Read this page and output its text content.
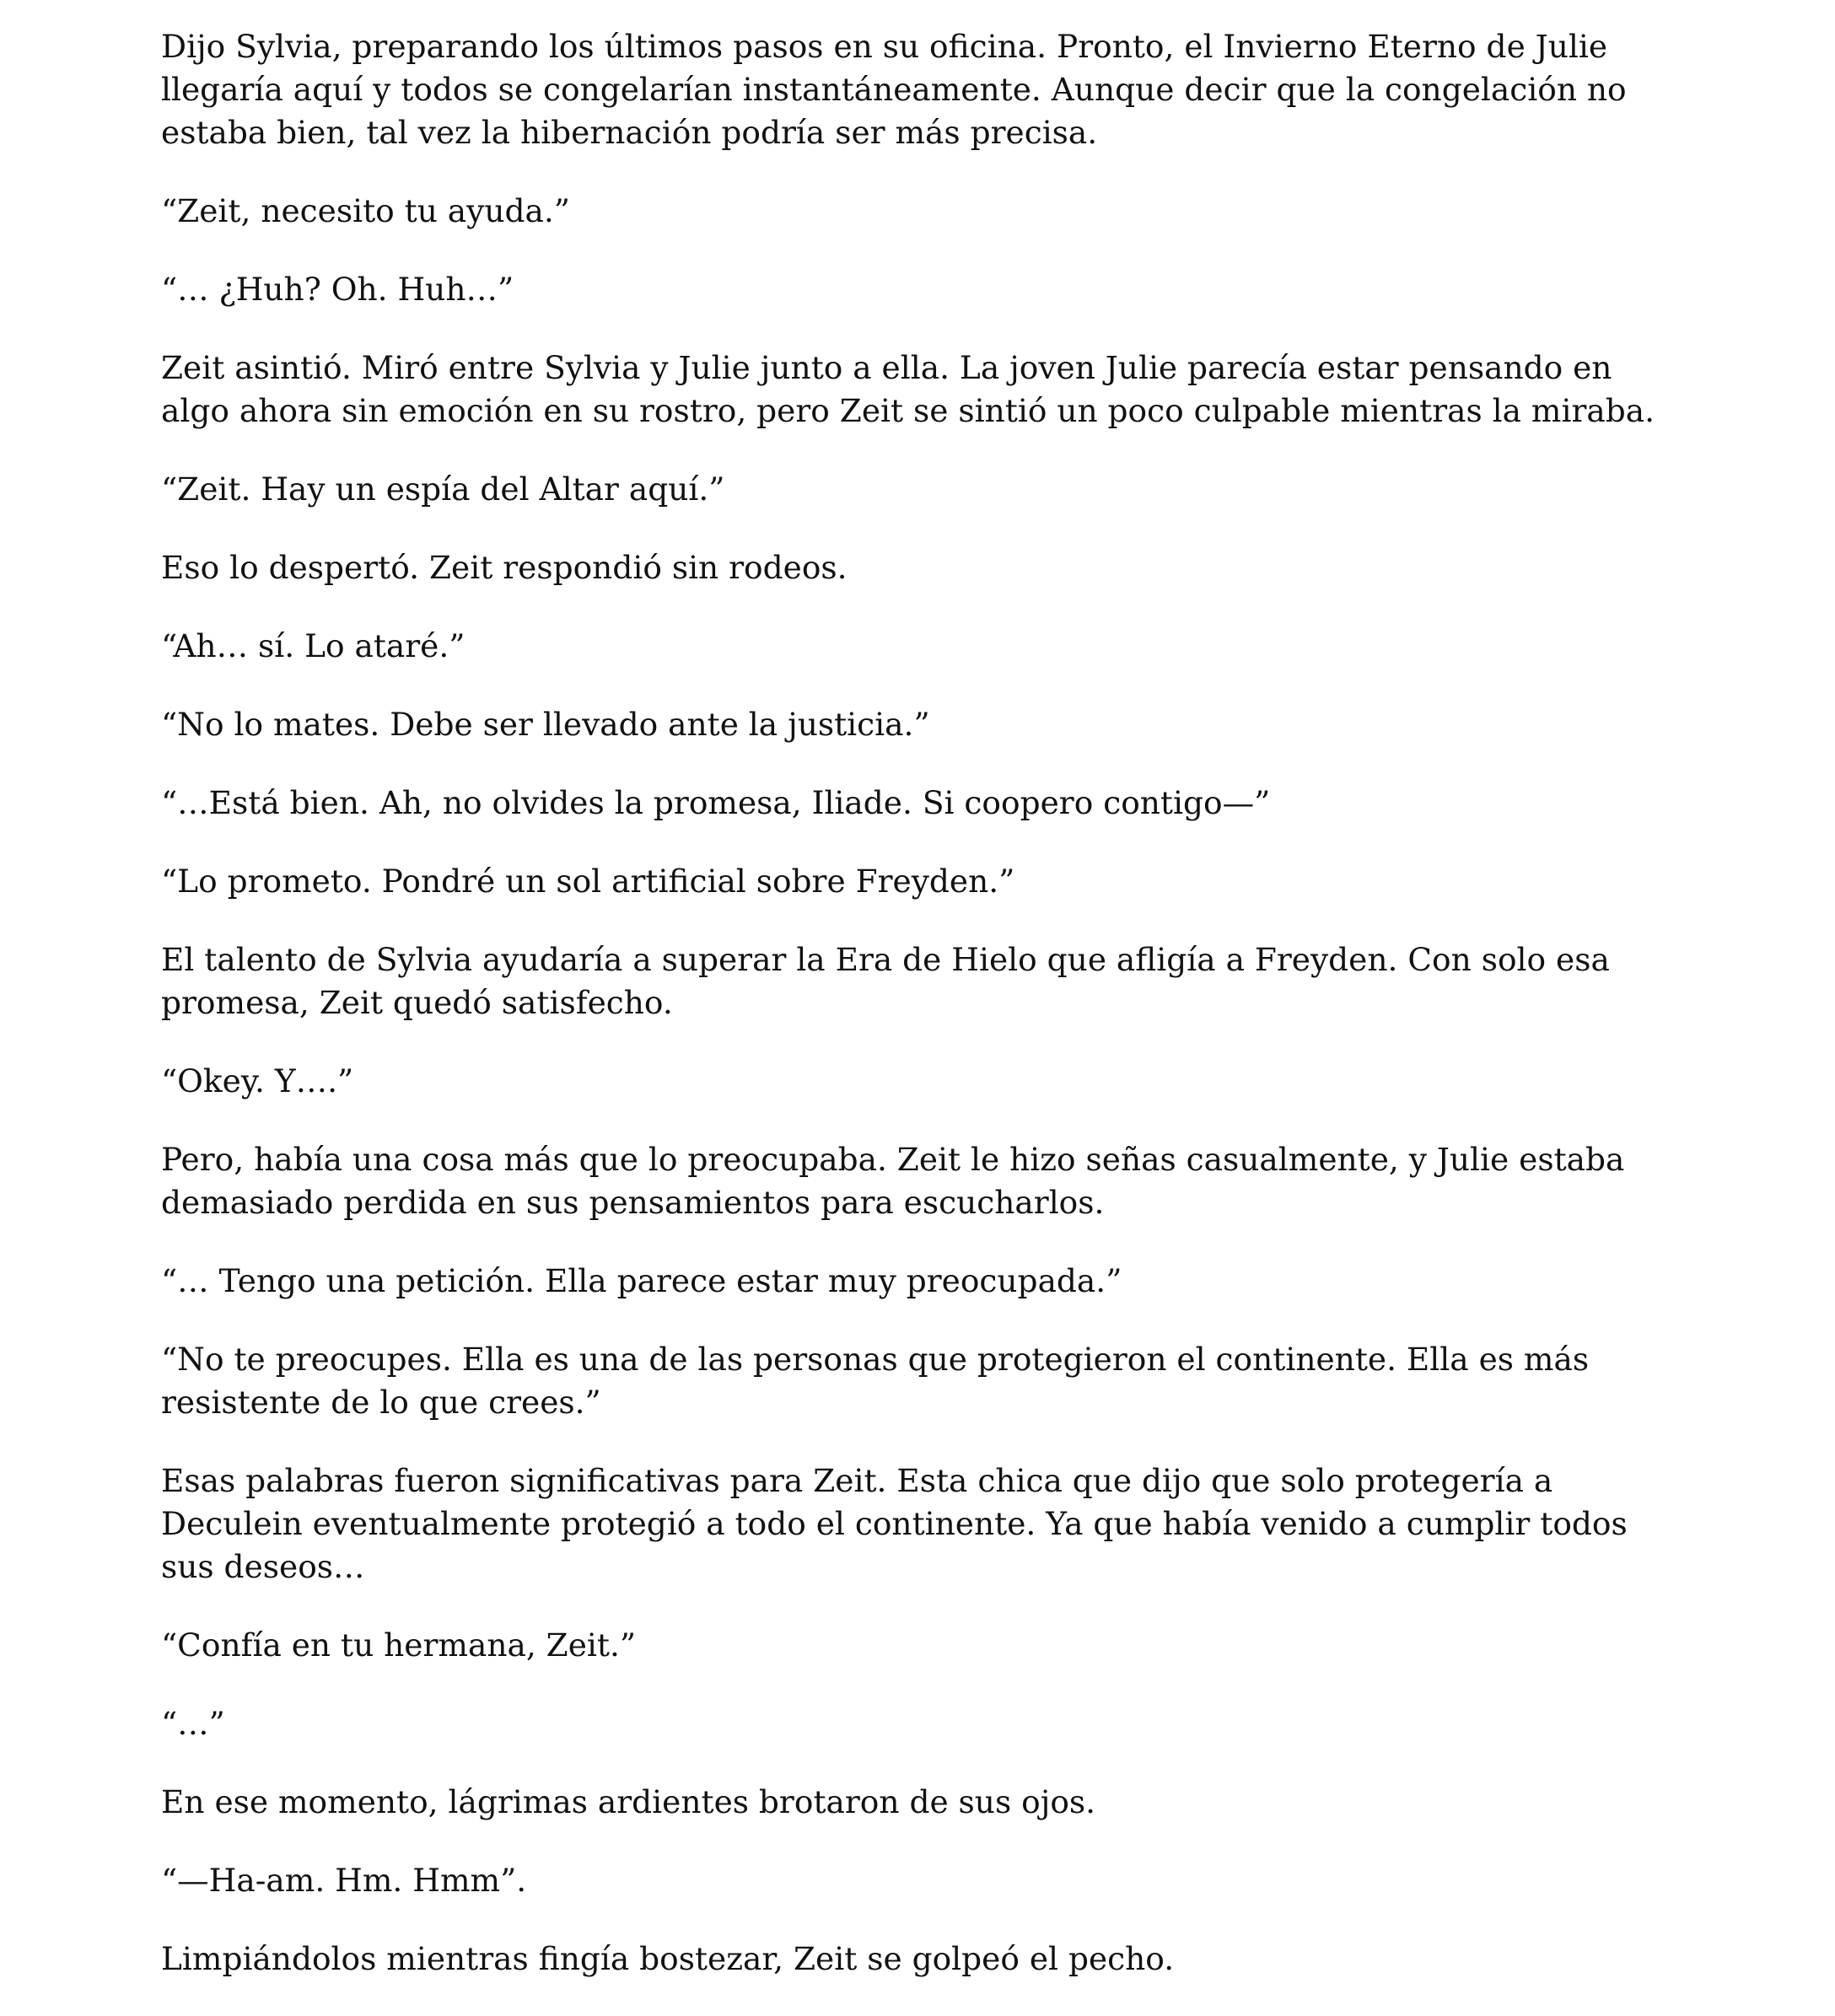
Dijo Sylvia, preparando los últimos pasos en su oficina. Pronto, el Invierno Eterno de Julie llegaría aquí y todos se congelarían instantáneamente. Aunque decir que la congelación no estaba bien, tal vez la hibernación podría ser más precisa.

“Zeit, necesito tu ayuda.”

“… ¿Huh? Oh. Huh…”

Zeit asintió. Miró entre Sylvia y Julie junto a ella. La joven Julie parecía estar pensando en algo ahora sin emoción en su rostro, pero Zeit se sintió un poco culpable mientras la miraba.

“Zeit. Hay un espía del Altar aquí.”

Eso lo despertó. Zeit respondió sin rodeos.

“Ah… sí. Lo ataré.”

“No lo mates. Debe ser llevado ante la justicia.”

“…Está bien. Ah, no olvides la promesa, Iliade. Si coopero contigo—”

“Lo prometo. Pondré un sol artificial sobre Freyden.”

El talento de Sylvia ayudaría a superar la Era de Hielo que afligía a Freyden. Con solo esa promesa, Zeit quedó satisfecho.

“Okey. Y….”

Pero, había una cosa más que lo preocupaba. Zeit le hizo señas casualmente, y Julie estaba demasiado perdida en sus pensamientos para escucharlos.

“… Tengo una petición. Ella parece estar muy preocupada.”

“No te preocupes. Ella es una de las personas que protegieron el continente. Ella es más resistente de lo que crees.”

Esas palabras fueron significativas para Zeit. Esta chica que dijo que solo protegería a Deculein eventualmente protegió a todo el continente. Ya que había venido a cumplir todos sus deseos…

“Confía en tu hermana, Zeit.”

“…”

En ese momento, lágrimas ardientes brotaron de sus ojos.

“—Ha-am. Hm. Hmm”.

Limpiándolos mientras fingía bostezar, Zeit se golpeó el pecho.
